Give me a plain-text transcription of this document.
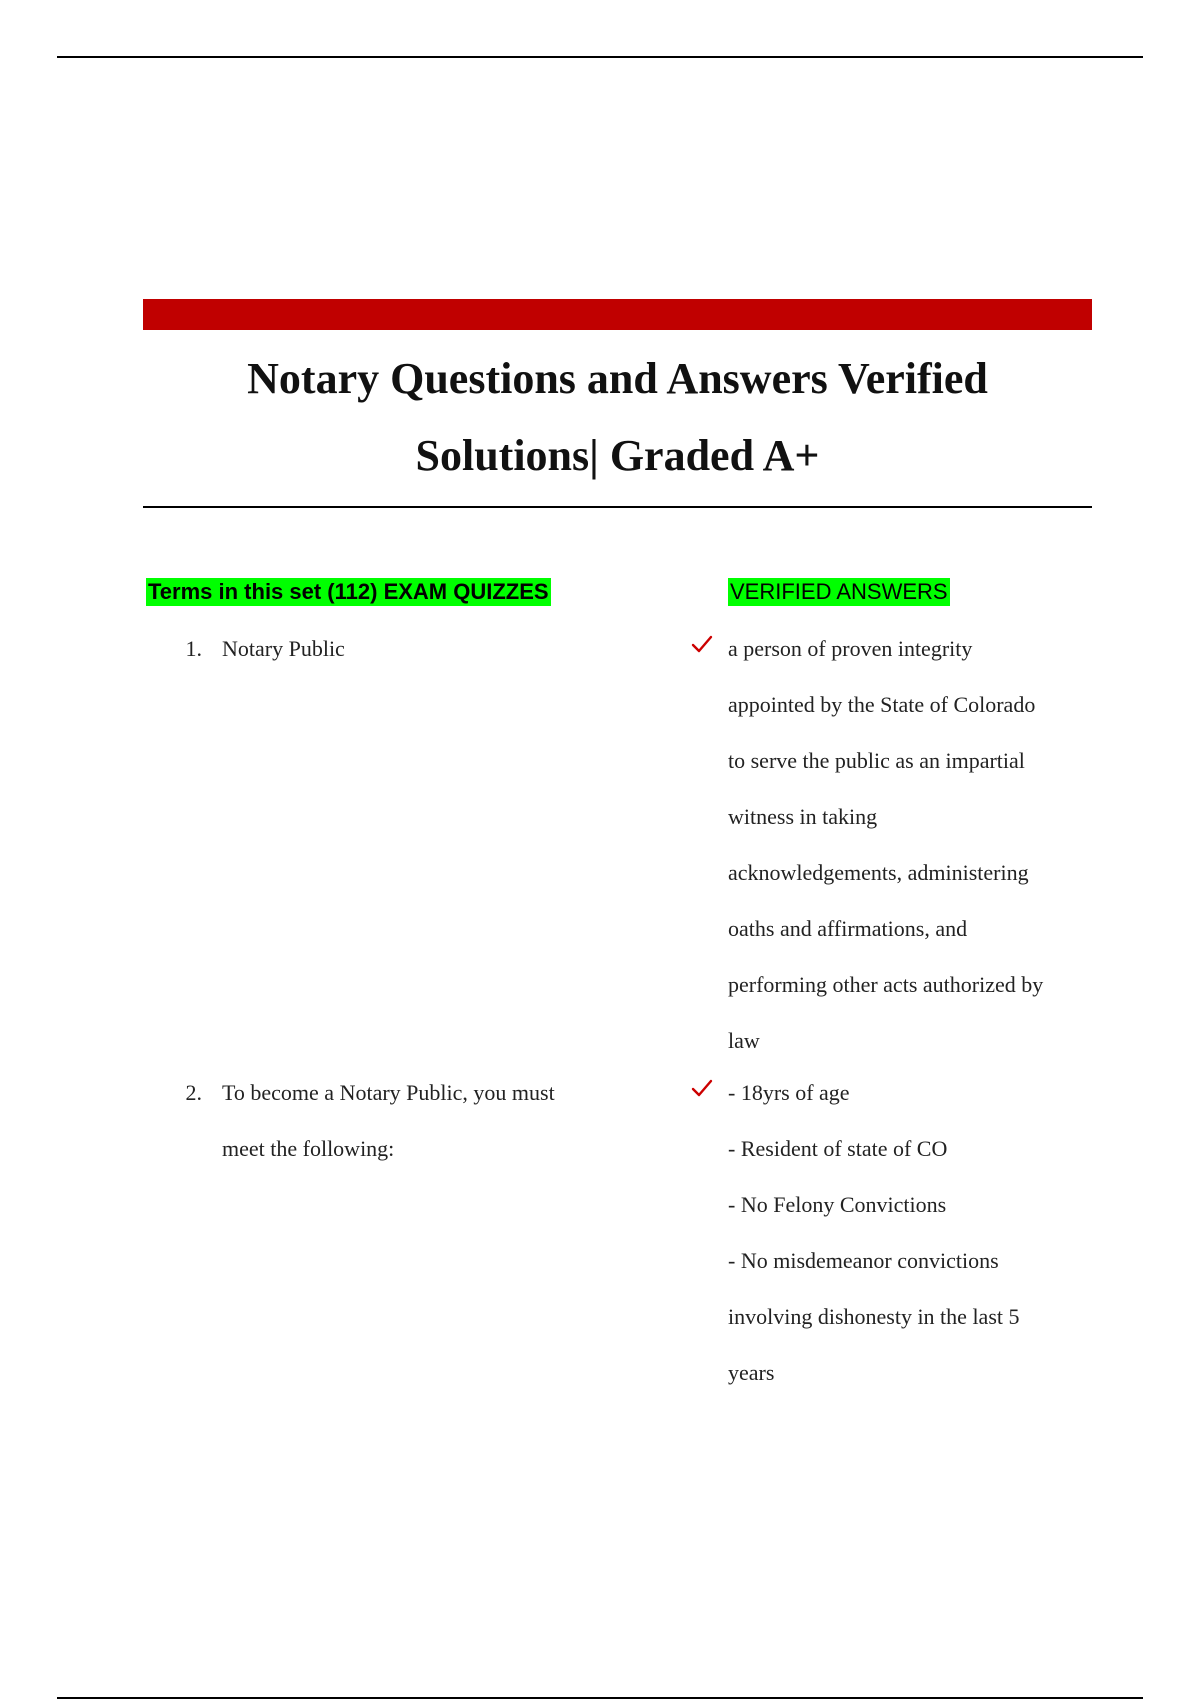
Notary Questions and Answers Verified
Solutions| Graded A+
Terms in this set (112) EXAM QUIZZES	VERIFIED ANSWERS
1. Notary Public	a person of proven integrity
appointed by the State of Colorado
to serve the public as an impartial
witness in taking
acknowledgements, administering
oaths and affirmations, and
performing other acts authorized by
law
2. To become a Notary Public, you must
meet the following:
- 18yrs of age
- Resident of state of CO
- No Felony Convictions
- No misdemeanor convictions
involving dishonesty in the last 5
years
